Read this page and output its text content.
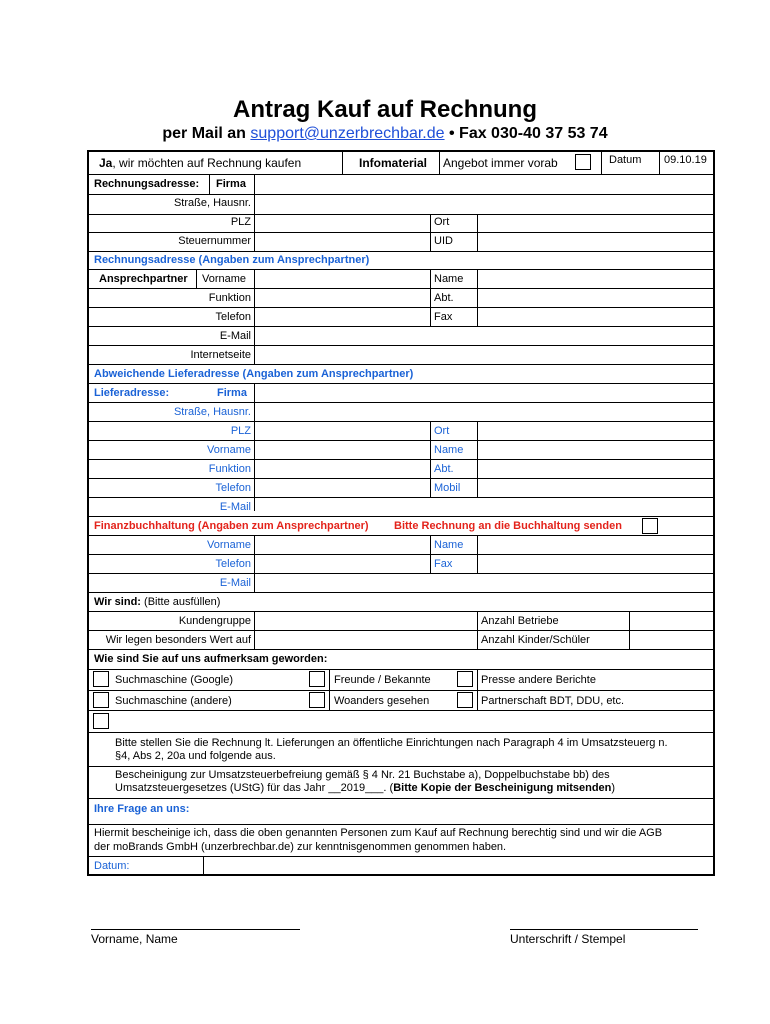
Antrag Kauf auf Rechnung
per Mail an support@unzerbrechbar.de • Fax 030-40 37 53 74
Ja, wir möchten auf Rechnung kaufen	Infomaterial	Angebot immer vorab	Datum 09.10.19
Rechnungsadresse: Firma
Straße, Hausnr.
PLZ	Ort
Steuernummer	UID
Rechnungsadresse (Angaben zum Ansprechpartner)
Ansprechpartner Vorname	Name
Funktion	Abt.
Telefon	Fax
E-Mail
Internetseite
Abweichende Lieferadresse (Angaben zum Ansprechpartner)
Lieferadresse:	Firma
Straße, Hausnr.
PLZ	Ort
Vorname	Name
Funktion	Abt.
Telefon	Mobil
E-Mail
Finanzbuchhaltung (Angaben zum Ansprechpartner) Bitte Rechnung an die Buchhaltung senden
Vorname	Name
Telefon	Fax
E-Mail
Wir sind: (Bitte ausfüllen)
Kundengruppe	Anzahl Betriebe
Wir legen besonders Wert auf	Anzahl Kinder/Schüler
Wie sind Sie auf uns aufmerksam geworden:
Suchmaschine (Google)	Freunde / Bekannte	Presse andere Berichte
Suchmaschine (andere)	Woanders gesehen	Partnerschaft BDT, DDU, etc.
Bitte stellen Sie die Rechnung lt. Lieferungen an öffentliche Einrichtungen nach Paragraph 4 im Umsatzsteuerg n.
§4, Abs 2, 20a und folgende aus.
Bescheinigung zur Umsatzsteuerbefreiung gemäß § 4 Nr. 21 Buchstabe a), Doppelbuchstabe bb) des
Umsatzsteuergesetzes (UStG) für das Jahr __2019___. (Bitte Kopie der Bescheinigung mitsenden)
Ihre Frage an uns:
Hiermit bescheinige ich, dass die oben genannten Personen zum Kauf auf Rechnung berechtig sind und wir die AGB
der moBrands GmbH (unzerbrechbar.de) zur kenntnisgenommen genommen haben.
Datum:
Vorname, Name	Unterschrift / Stempel
